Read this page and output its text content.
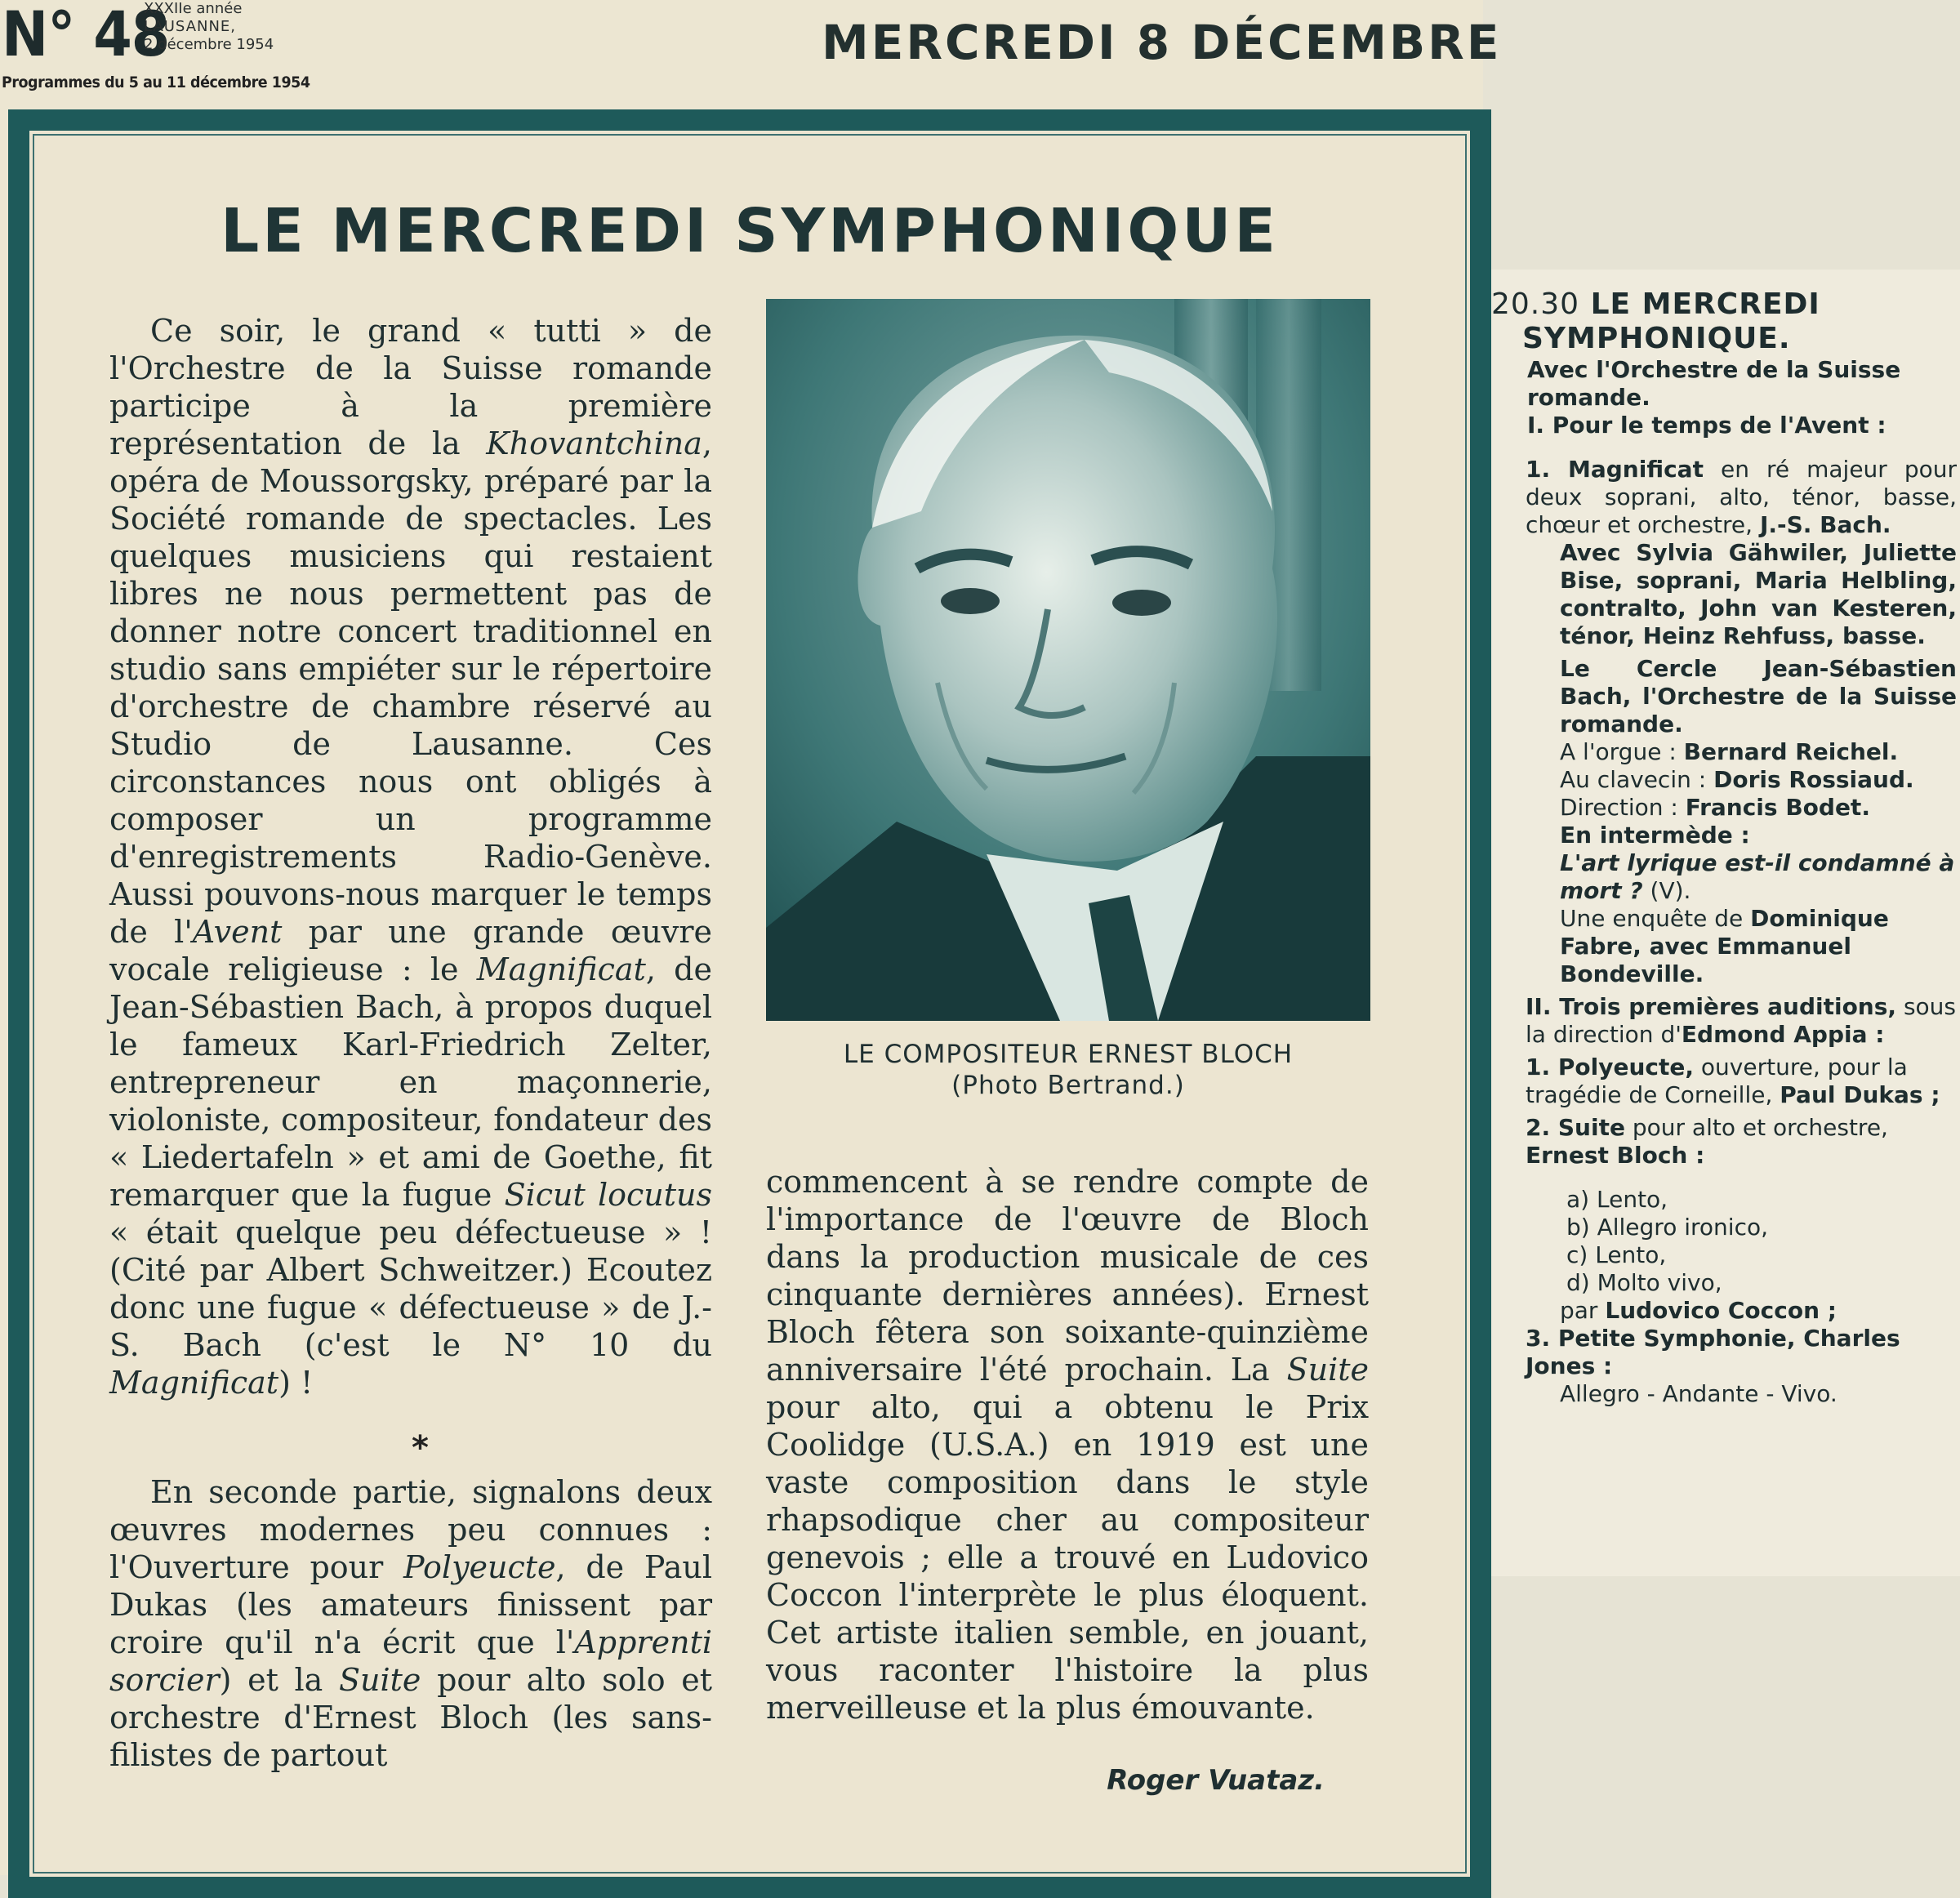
N° 48
XXXIIe année
LAUSANNE,
2 décembre 1954
Programmes du 5 au 11 décembre 1954
MERCREDI 8 DÉCEMBRE
LE MERCREDI SYMPHONIQUE

Ce soir, le grand « tutti » de l'Orchestre de la Suisse romande participe à la première représentation de la Khovantchina, opéra de Moussorgsky, préparé par la Société romande de spectacles. Les quelques musiciens qui restaient libres ne nous permettent pas de donner notre concert traditionnel en studio sans empiéter sur le répertoire d'orchestre de chambre réservé au Studio de Lausanne. Ces circonstances nous ont obligés à composer un programme d'enregistrements Radio-Genève. Aussi pouvons-nous marquer le temps de l'Avent par une grande œuvre vocale religieuse : le Magnificat, de Jean-Sébastien Bach, à propos duquel le fameux Karl-Friedrich Zelter, entrepreneur en maçonnerie, violoniste, compositeur, fondateur des « Liedertafeln » et ami de Goethe, fit remarquer que la fugue Sicut locutus « était quelque peu défectueuse » ! (Cité par Albert Schweitzer.) Ecoutez donc une fugue « défectueuse » de J.-S. Bach (c'est le N° 10 du Magnificat) !

*

En seconde partie, signalons deux œuvres modernes peu connues : l'Ouverture pour Polyeucte, de Paul Dukas (les amateurs finissent par croire qu'il n'a écrit que l'Apprenti sorcier) et la Suite pour alto solo et orchestre d'Ernest Bloch (les sans-filistes de partout

LE COMPOSITEUR ERNEST BLOCH
(Photo Bertrand.)

commencent à se rendre compte de l'importance de l'œuvre de Bloch dans la production musicale de ces cinquante dernières années). Ernest Bloch fêtera son soixante-quinzième anniversaire l'été prochain. La Suite pour alto, qui a obtenu le Prix Coolidge (U.S.A.) en 1919 est une vaste composition dans le style rhapsodique cher au compositeur genevois ; elle a trouvé en Ludovico Coccon l'interprète le plus éloquent. Cet artiste italien semble, en jouant, vous raconter l'histoire la plus merveilleuse et la plus émouvante.

Roger Vuataz.
20.30 LE MERCREDI
SYMPHONIQUE.
Avec l'Orchestre de la Suisse romande.
I. Pour le temps de l'Avent :
1. Magnificat en ré majeur pour deux soprani, alto, ténor, basse, chœur et orchestre, J.-S. Bach.
Avec Sylvia Gähwiler, Juliette Bise, soprani, Maria Helbling, contralto, John van Kesteren, ténor, Heinz Rehfuss, basse.
Le Cercle Jean-Sébastien Bach, l'Orchestre de la Suisse romande.
A l'orgue : Bernard Reichel.
Au clavecin : Doris Rossiaud.
Direction : Francis Bodet.
En intermède :
L'art lyrique est-il condamné à mort ? (V).
Une enquête de Dominique Fabre, avec Emmanuel Bondeville.
II. Trois premières auditions, sous la direction d'Edmond Appia :
1. Polyeucte, ouverture, pour la tragédie de Corneille, Paul Dukas ;
2. Suite pour alto et orchestre, Ernest Bloch :
a) Lento,
b) Allegro ironico,
c) Lento,
d) Molto vivo,
par Ludovico Coccon ;
3. Petite Symphonie, Charles Jones :
Allegro - Andante - Vivo.
